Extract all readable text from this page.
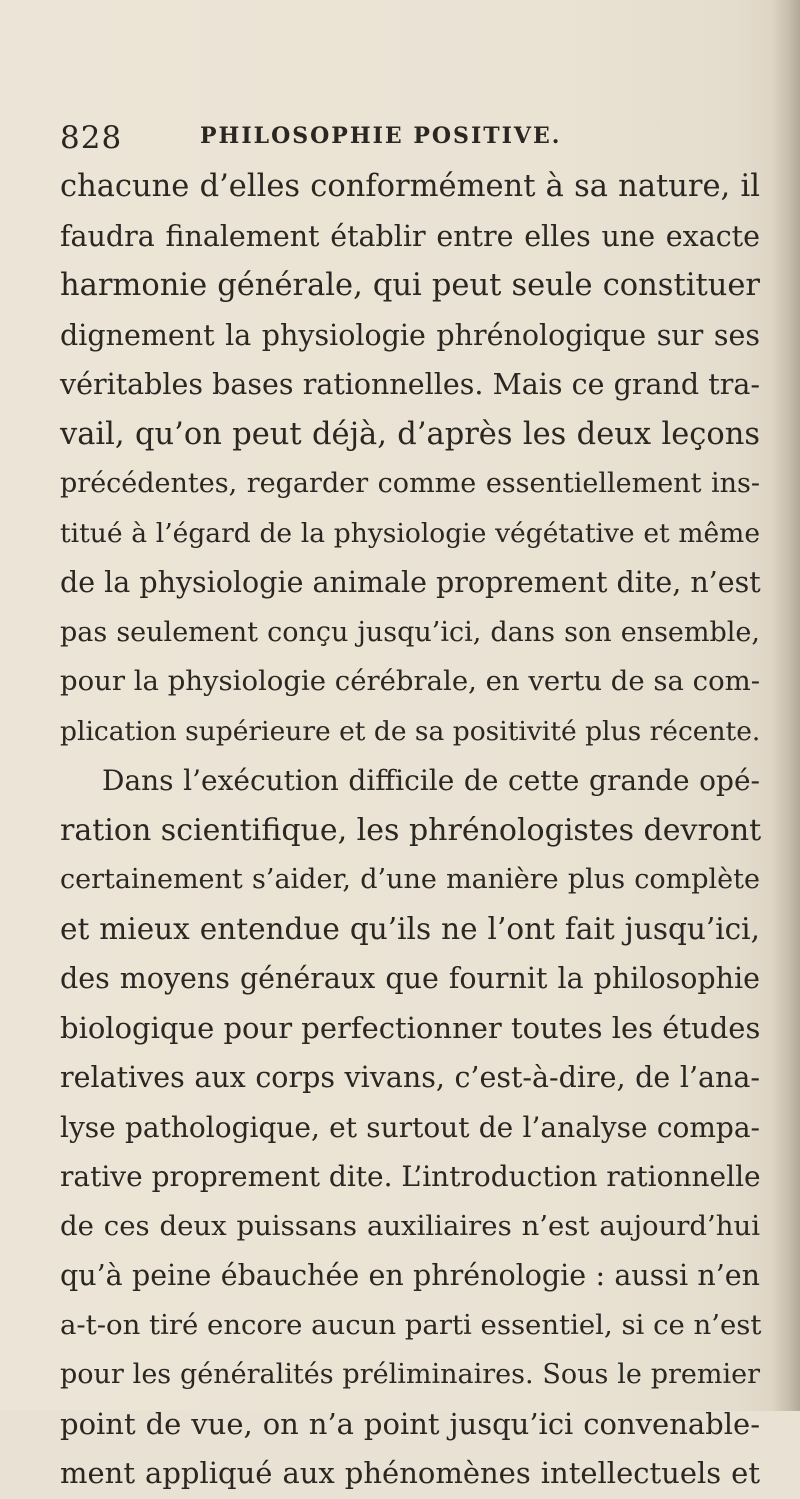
828	PHILOSOPHIE POSITIVE.
chacune d’elles conformément à sa nature, il
faudra finalement établir entre elles une exacte
harmonie générale, qui peut seule constituer
dignement la physiologie phrénologique sur ses
véritables bases rationnelles. Mais ce grand tra-
vail, qu’on peut déjà, d’après les deux leçons
précédentes, regarder comme essentiellement ins-
titué à l’égard de la physiologie végétative et même
de la physiologie animale proprement dite, n’est
pas seulement conçu jusqu’ici, dans son ensemble,
pour la physiologie cérébrale, en vertu de sa com-
plication supérieure et de sa positivité plus récente.
Dans l’exécution difficile de cette grande opé-
ration scientifique, les phrénologistes devront
certainement s’aider, d’une manière plus complète
et mieux entendue qu’ils ne l’ont fait jusqu’ici,
des moyens généraux que fournit la philosophie
biologique pour perfectionner toutes les études
relatives aux corps vivans, c’est-à-dire, de l’ana-
lyse pathologique, et surtout de l’analyse compa-
rative proprement dite. L’introduction rationnelle
de ces deux puissans auxiliaires n’est aujourd’hui
qu’à peine ébauchée en phrénologie : aussi n’en
a-t-on tiré encore aucun parti essentiel, si ce n’est
pour les généralités préliminaires. Sous le premier
point de vue, on n’a point jusqu’ici convenable-
ment appliqué aux phénomènes intellectuels et
